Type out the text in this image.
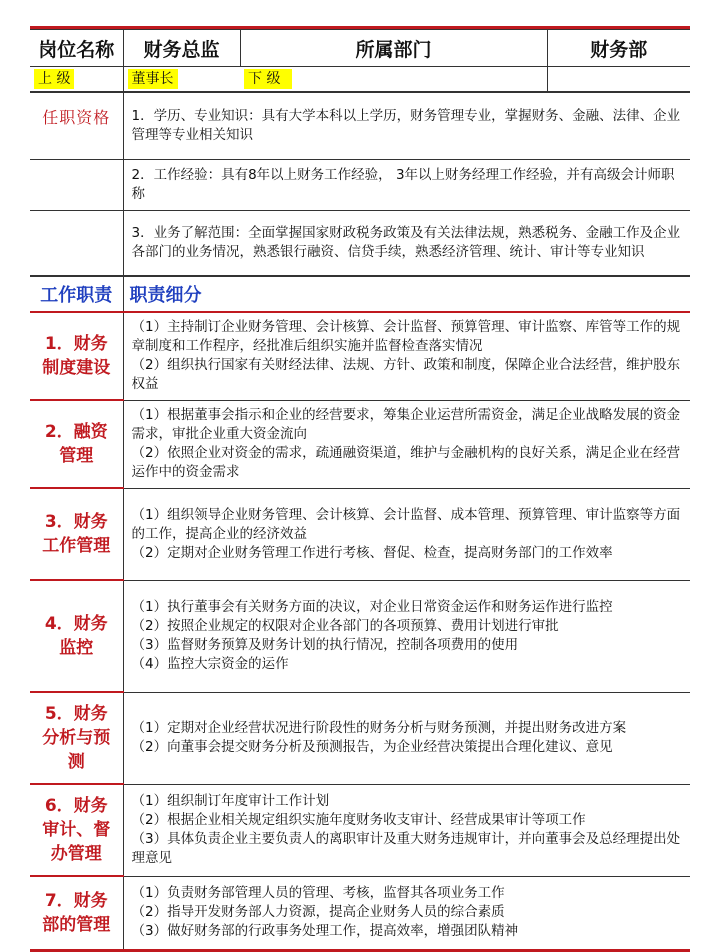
岗位名称	财务总监	所属部门	财务部
上 级	董事长	下 级	
任职资格	1．学历、专业知识：具有大学本科以上学历，财务管理专业，掌握财务、金融、法律、企业管理等专业相关知识
	2．工作经验：具有8年以上财务工作经验， 3年以上财务经理工作经验，并有高级会计师职称
	3．业务了解范围：全面掌握国家财政税务政策及有关法律法规，熟悉税务、金融工作及企业各部门的业务情况，熟悉银行融资、信贷手续，熟悉经济管理、统计、审计等专业知识
工作职责	职责细分
1．财务制度建设	（1）主持制订企业财务管理、会计核算、会计监督、预算管理、审计监察、库管等工作的规章制度和工作程序，经批准后组织实施并监督检查落实情况
（2）组织执行国家有关财经法律、法规、方针、政策和制度，保障企业合法经营，维护股东权益

2．融资管理	（1）根据董事会指示和企业的经营要求，筹集企业运营所需资金，满足企业战略发展的资金需求，审批企业重大资金流向
（2）依照企业对资金的需求，疏通融资渠道，维护与金融机构的良好关系，满足企业在经营运作中的资金需求

3．财务工作管理	（1）组织领导企业财务管理、会计核算、会计监督、成本管理、预算管理、审计监察等方面的工作，提高企业的经济效益
（2）定期对企业财务管理工作进行考核、督促、检查，提高财务部门的工作效率

4．财务监控	（1）执行董事会有关财务方面的决议，对企业日常资金运作和财务运作进行监控
（2）按照企业规定的权限对企业各部门的各项预算、费用计划进行审批
（3）监督财务预算及财务计划的执行情况，控制各项费用的使用
（4）监控大宗资金的运作

5．财务分析与预测	（1）定期对企业经营状况进行阶段性的财务分析与财务预测，并提出财务改进方案
（2）向董事会提交财务分析及预测报告，为企业经营决策提出合理化建议、意见

6．财务审计、督办管理	（1）组织制订年度审计工作计划
（2）根据企业相关规定组织实施年度财务收支审计、经营成果审计等项工作
（3）具体负责企业主要负责人的离职审计及重大财务违规审计，并向董事会及总经理提出处理意见

7．财务部的管理	（1）负责财务部管理人员的管理、考核，监督其各项业务工作
（2）指导开发财务部人力资源，提高企业财务人员的综合素质
（3）做好财务部的行政事务处理工作，提高效率，增强团队精神
